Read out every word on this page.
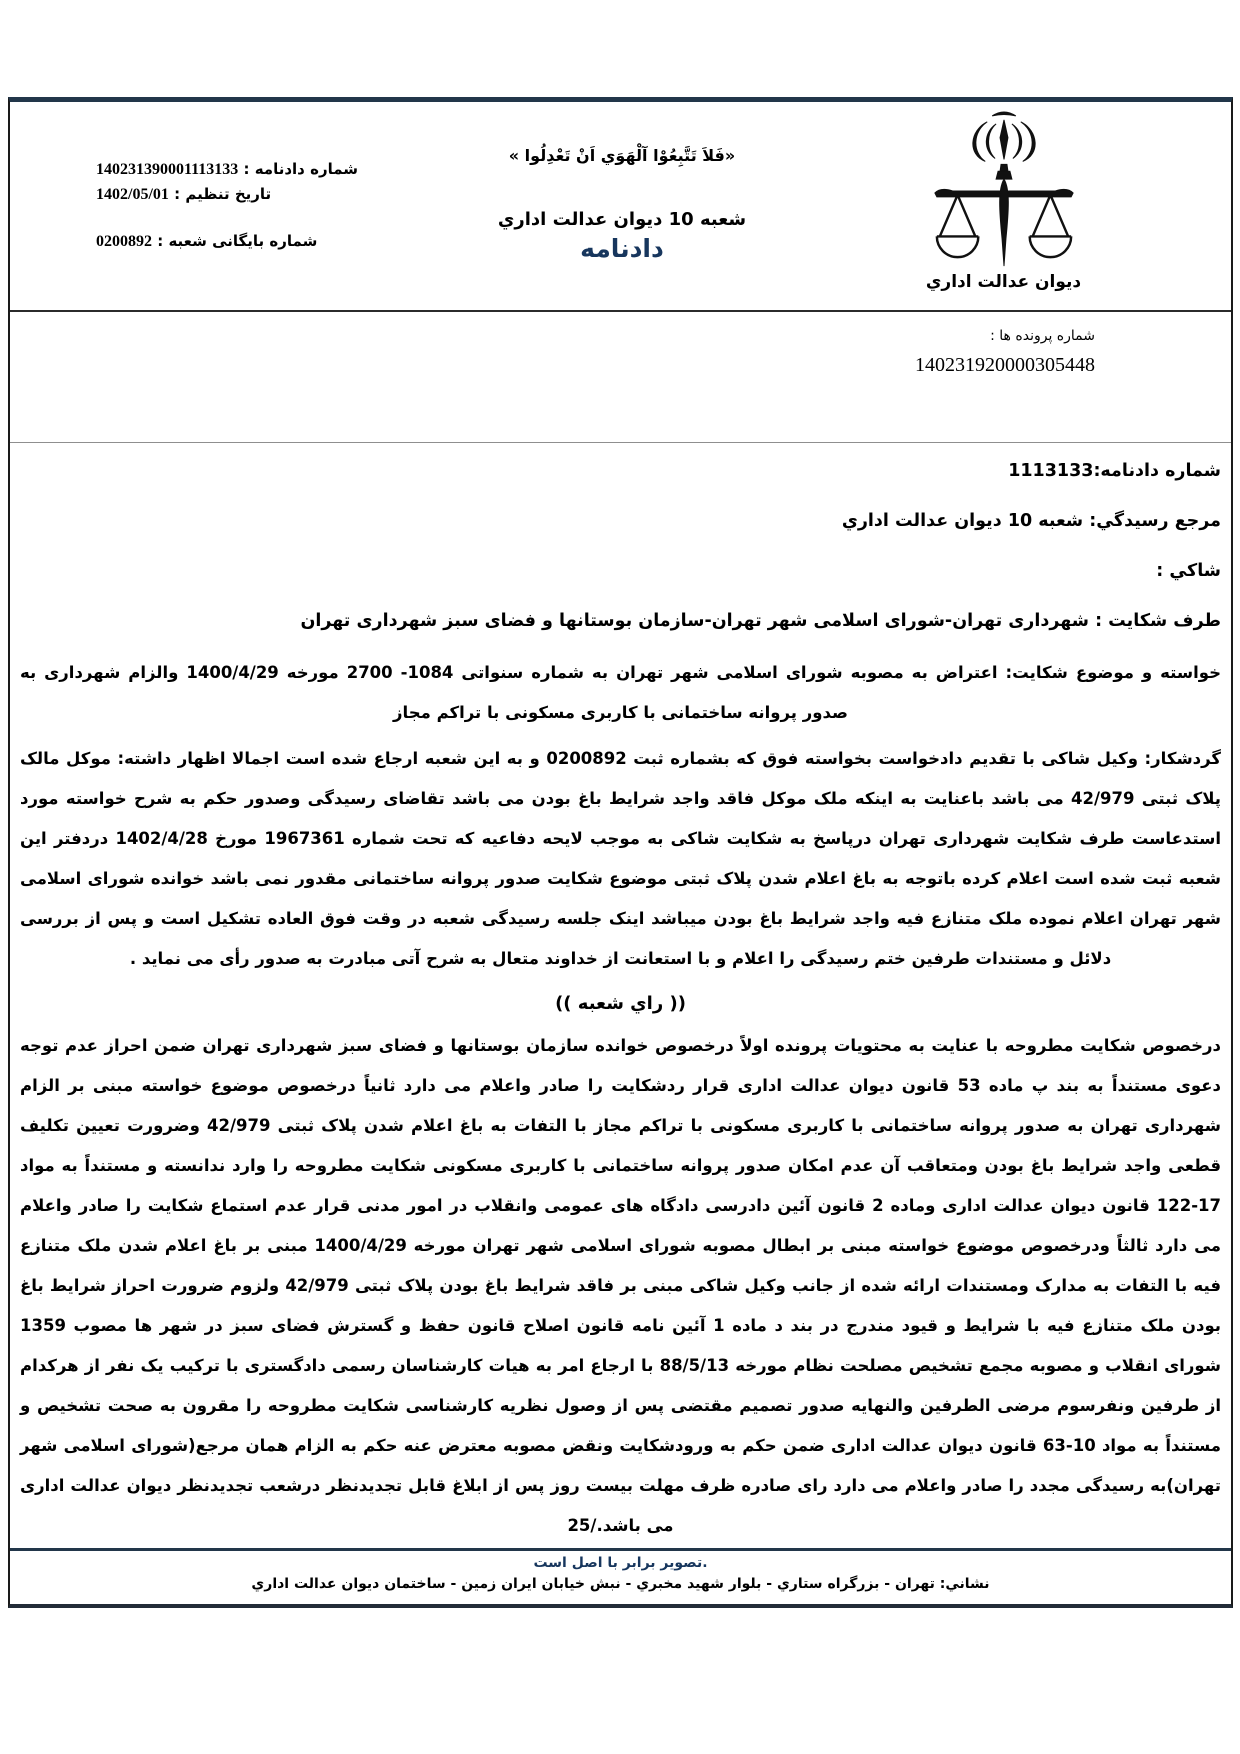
شماره دادنامه : 140231390001113133
تاریخ تنظیم : 1402/05/01
شماره بایگانی شعبه : 0200892
«فَلاَ تَتَّبِعُوْا آلْهَوَي اَنْ تَعْدِلُوا »
شعبه 10 دیوان عدالت اداري
دادنامه
دیوان عدالت اداري
شماره پرونده ها :
140231920000305448

شماره دادنامه:1113133

مرجع رسیدگي: شعبه 10 دیوان عدالت اداري

شاکي :

طرف شکایت : شهرداری تهران-شورای اسلامی شهر تهران-سازمان بوستانها و فضای سبز شهرداری تهران

خواسته و موضوع شکایت: اعتراض به مصوبه شورای اسلامی شهر تهران به شماره سنواتی 1084- 2700 مورخه 1400/4/29 والزام شهرداری به صدور پروانه ساختمانی با کاربری مسکونی با تراکم مجاز

گردشکار: وکیل شاکی با تقدیم دادخواست بخواسته فوق که بشماره ثبت 0200892 و به این شعبه ارجاع شده است اجمالا اظهار داشته: موکل مالک پلاک ثبتی 42/979 می باشد باعنایت به اینکه ملک موکل فاقد واجد شرایط باغ بودن می باشد تقاضای رسیدگی وصدور حکم به شرح خواسته مورد استدعاست طرف شکایت شهرداری تهران درپاسخ به شکایت شاکی به موجب لایحه دفاعیه که تحت شماره 1967361 مورخ 1402/4/28 دردفتر این شعبه ثبت شده است اعلام کرده باتوجه به باغ اعلام شدن پلاک ثبتی موضوع شکایت صدور پروانه ساختمانی مقدور نمی باشد خوانده شورای اسلامی شهر تهران اعلام نموده ملک متنازع فیه واجد شرایط باغ بودن میباشد اینک جلسه رسیدگی شعبه در وقت فوق العاده تشکیل است و پس از بررسی دلائل و مستندات طرفین ختم رسیدگی را اعلام و با استعانت از خداوند متعال به شرح آتی مبادرت به صدور رأی می نماید .

(( راي شعبه ))

درخصوص شکایت مطروحه با عنایت به محتویات پرونده اولاً درخصوص خوانده سازمان بوستانها و فضای سبز شهرداری تهران ضمن احراز عدم توجه دعوی مستنداً به بند پ ماده 53 قانون دیوان عدالت اداری قرار ردشکایت را صادر واعلام می دارد ثانیاً درخصوص موضوع خواسته مبنی بر الزام شهرداری تهران به صدور پروانه ساختمانی با کاربری مسکونی با تراکم مجاز با التفات به باغ اعلام شدن پلاک ثبتی 42/979 وضرورت تعیین تکلیف قطعی واجد شرایط باغ بودن ومتعاقب آن عدم امکان صدور پروانه ساختمانی با کاربری مسکونی شکایت مطروحه را وارد ندانسته و مستنداً به مواد 17-122 قانون دیوان عدالت اداری وماده 2 قانون آئین دادرسی دادگاه های عمومی وانقلاب در امور مدنی قرار عدم استماع شکایت را صادر واعلام می دارد ثالثاً ودرخصوص موضوع خواسته مبنی بر ابطال مصوبه شورای اسلامی شهر تهران مورخه 1400/4/29 مبنی بر باغ اعلام شدن ملک متنازع فیه با التفات به مدارک ومستندات ارائه شده از جانب وکیل شاکی مبنی بر فاقد شرایط باغ بودن پلاک ثبتی 42/979 ولزوم ضرورت احراز شرایط باغ بودن ملک متنازع فیه با شرایط و قیود مندرج در بند د ماده 1 آئین نامه قانون اصلاح قانون حفظ و گسترش فضای سبز در شهر ها مصوب 1359 شورای انقلاب و مصوبه مجمع تشخیص مصلحت نظام مورخه 88/5/13 با ارجاع امر به هیات کارشناسان رسمی دادگستری با ترکیب یک نفر از هرکدام از طرفین ونفرسوم مرضی الطرفین والنهایه صدور تصمیم مقتضی پس از وصول نظریه کارشناسی شکایت مطروحه را مقرون به صحت تشخیص و مستنداً به مواد 10-63 قانون دیوان عدالت اداری ضمن حکم به ورودشکایت ونقض مصوبه معترض عنه حکم به الزام همان مرجع(شورای اسلامی شهر تهران)به رسیدگی مجدد را صادر واعلام می دارد رای صادره ظرف مهلت بیست روز پس از ابلاغ قابل تجدیدنظر درشعب تجدیدنظر دیوان عدالت اداری می باشد./25

تصویر برابر با اصل است.
نشاني: تهران - بزرگراه ستاري - بلوار شهید مخبري - نبش خیابان ایران زمین - ساختمان دیوان عدالت اداري
